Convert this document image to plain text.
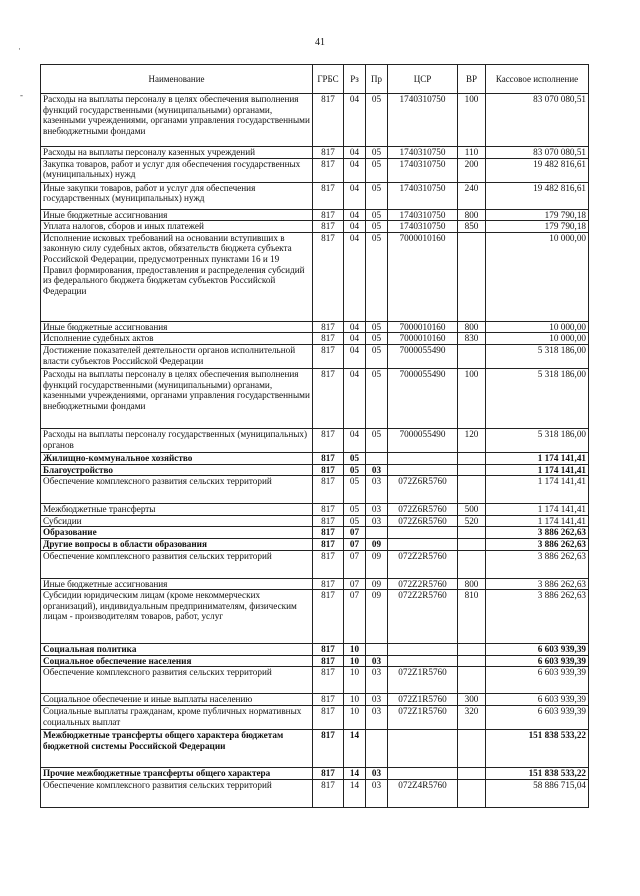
41
·
-
Наименование	ГРБС	Рз	Пр	ЦСР	ВР	Кассовое исполнение
Расходы на выплаты персоналу в целях обеспечения выполнения функций государственными (муниципальными) органами, казенными учреждениями, органами управления государственными внебюджетными фондами	817	04	05	1740310750	100	83 070 080,51
Расходы на выплаты персоналу казенных учреждений	817	04	05	1740310750	110	83 070 080,51
Закупка товаров, работ и услуг для обеспечения государственных (муниципальных) нужд	817	04	05	1740310750	200	19 482 816,61
Иные закупки товаров, работ и услуг для обеспечения государственных (муниципальных) нужд	817	04	05	1740310750	240	19 482 816,61
Иные бюджетные ассигнования	817	04	05	1740310750	800	179 790,18
Уплата налогов, сборов и иных платежей	817	04	05	1740310750	850	179 790,18
Исполнение исковых требований на основании вступивших в законную силу судебных актов, обязательств бюджета субъекта Российской Федерации, предусмотренных пунктами 16 и 19 Правил формирования, предоставления и распределения субсидий из федерального бюджета бюджетам субъектов Российской Федерации	817	04	05	7000010160		10 000,00
Иные бюджетные ассигнования	817	04	05	7000010160	800	10 000,00
Исполнение судебных актов	817	04	05	7000010160	830	10 000,00
Достижение показателей деятельности органов исполнительной власти субъектов Российской Федерации	817	04	05	7000055490		5 318 186,00
Расходы на выплаты персоналу в целях обеспечения выполнения функций государственными (муниципальными) органами, казенными учреждениями, органами управления государственными внебюджетными фондами	817	04	05	7000055490	100	5 318 186,00
Расходы на выплаты персоналу государственных (муниципальных) органов	817	04	05	7000055490	120	5 318 186,00
Жилищно-коммунальное хозяйство	817	05				1 174 141,41
Благоустройство	817	05	03			1 174 141,41
Обеспечение комплексного развития сельских территорий	817	05	03	072Z6R5760		1 174 141,41
Межбюджетные трансферты	817	05	03	072Z6R5760	500	1 174 141,41
Субсидии	817	05	03	072Z6R5760	520	1 174 141,41
Образование	817	07				3 886 262,63
Другие вопросы в области образования	817	07	09			3 886 262,63
Обеспечение комплексного развития сельских территорий	817	07	09	072Z2R5760		3 886 262,63
Иные бюджетные ассигнования	817	07	09	072Z2R5760	800	3 886 262,63
Субсидии юридическим лицам (кроме некоммерческих организаций), индивидуальным предпринимателям, физическим лицам - производителям товаров, работ, услуг	817	07	09	072Z2R5760	810	3 886 262,63
Социальная политика	817	10				6 603 939,39
Социальное обеспечение населения	817	10	03			6 603 939,39
Обеспечение комплексного развития сельских территорий	817	10	03	072Z1R5760		6 603 939,39
Социальное обеспечение и иные выплаты населению	817	10	03	072Z1R5760	300	6 603 939,39
Социальные выплаты гражданам, кроме публичных нормативных социальных выплат	817	10	03	072Z1R5760	320	6 603 939,39
Межбюджетные трансферты общего характера бюджетам бюджетной системы Российской Федерации	817	14				151 838 533,22
Прочие межбюджетные трансферты общего характера	817	14	03			151 838 533,22
Обеспечение комплексного развития сельских территорий	817	14	03	072Z4R5760		58 886 715,04
